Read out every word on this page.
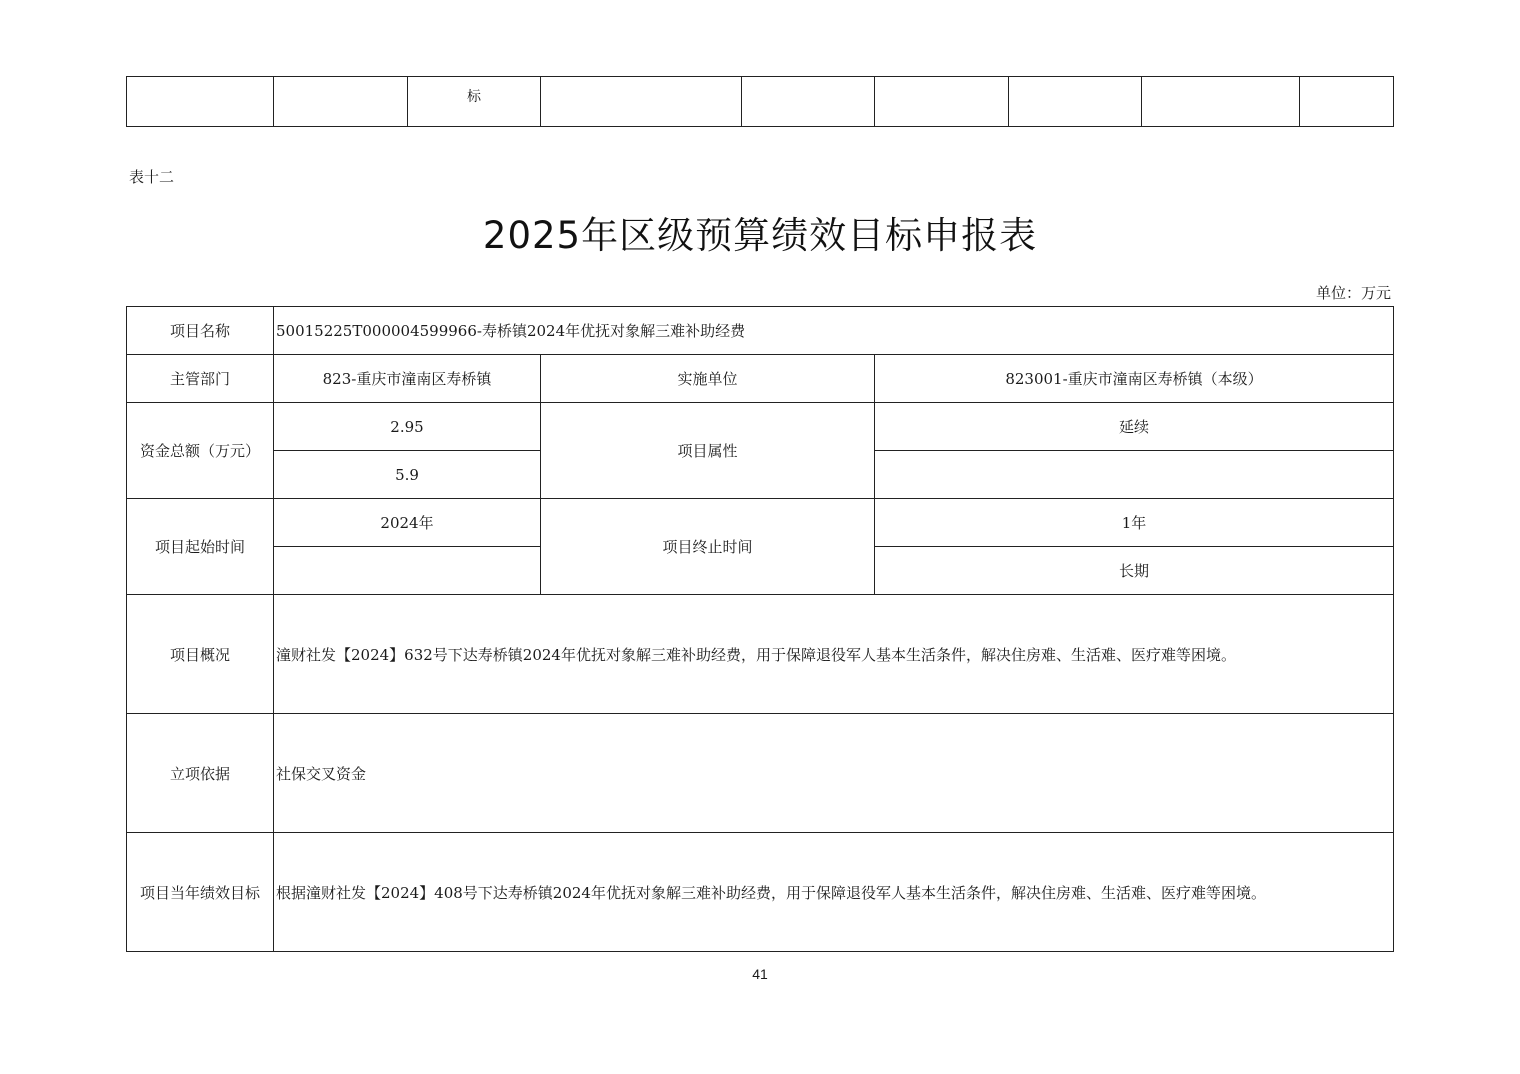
		标						
表十二
2025年区级预算绩效目标申报表
单位：万元
项目名称	50015225T000004599966-寿桥镇2024年优抚对象解三难补助经费		
主管部门	823-重庆市潼南区寿桥镇	实施单位	823001-重庆市潼南区寿桥镇（本级）
资金总额（万元）	2.95	项目属性	延续
	5.9		
项目起始时间	2024年	项目终止时间	1年
			长期
项目概况	潼财社发【2024】632号下达寿桥镇2024年优抚对象解三难补助经费，用于保障退役军人基本生活条件，解决住房难、生活难、医疗难等困境。		
立项依据	社保交叉资金		
项目当年绩效目标	根据潼财社发【2024】408号下达寿桥镇2024年优抚对象解三难补助经费，用于保障退役军人基本生活条件，解决住房难、生活难、医疗难等困境。		
41
